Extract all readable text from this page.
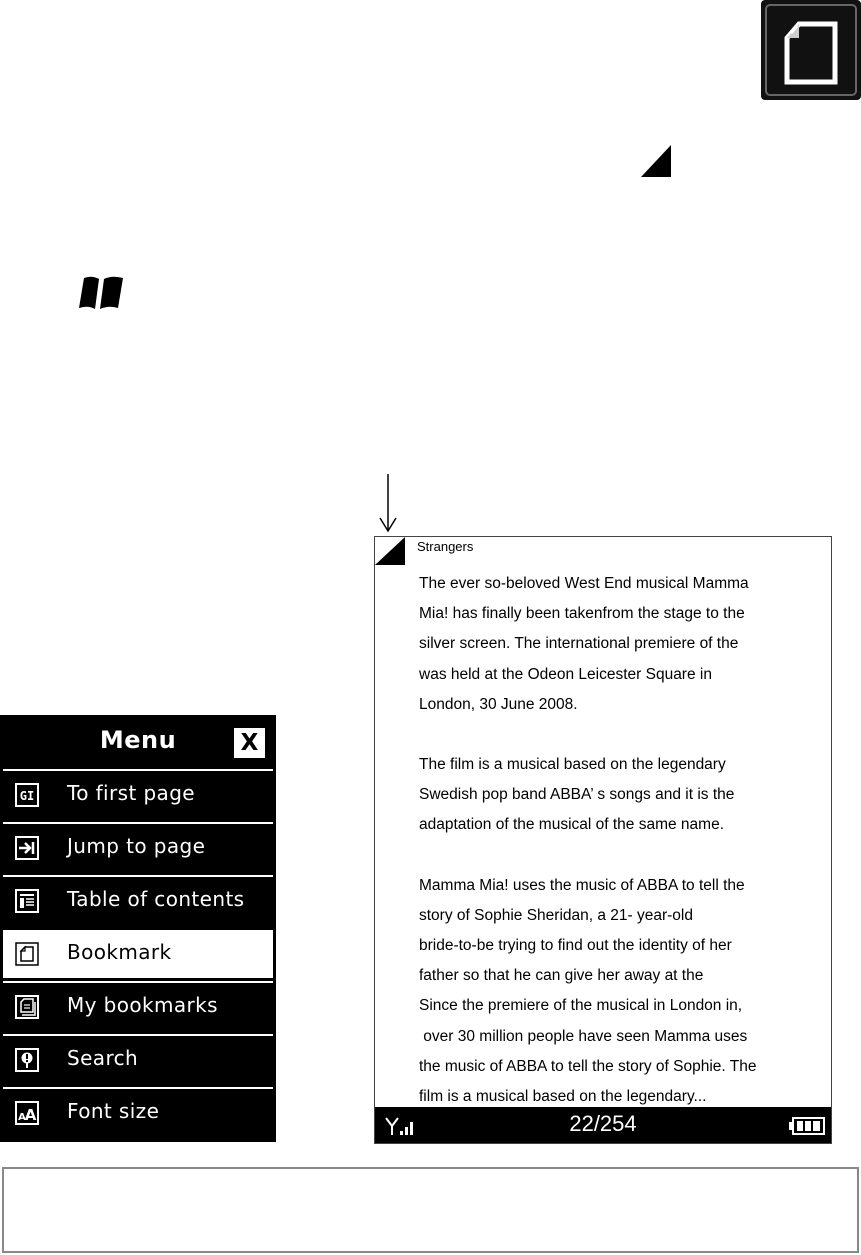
Menu	X
GI To first page
Jump to page
Table of contents
Bookmark
My bookmarks
Search
A
A Font size
Strangers

The ever so-beloved West End musical Mamma

Mia! has finally been takenfrom the stage to the

silver screen. The international premiere of the

was held at the Odeon Leicester Square in

London, 30 June 2008.

The film is a musical based on the legendary

Swedish pop band ABBA’ s songs and it is the

adaptation of the musical of the same name.

Mamma Mia! uses the music of ABBA to tell the

story of Sophie Sheridan, a 21- year-old

bride-to-be trying to find out the identity of her

father so that he can give her away at the

Since the premiere of the musical in London in,

over 30 million people have seen Mamma uses

the music of ABBA to tell the story of Sophie. The

film is a musical based on the legendary...

22/254
